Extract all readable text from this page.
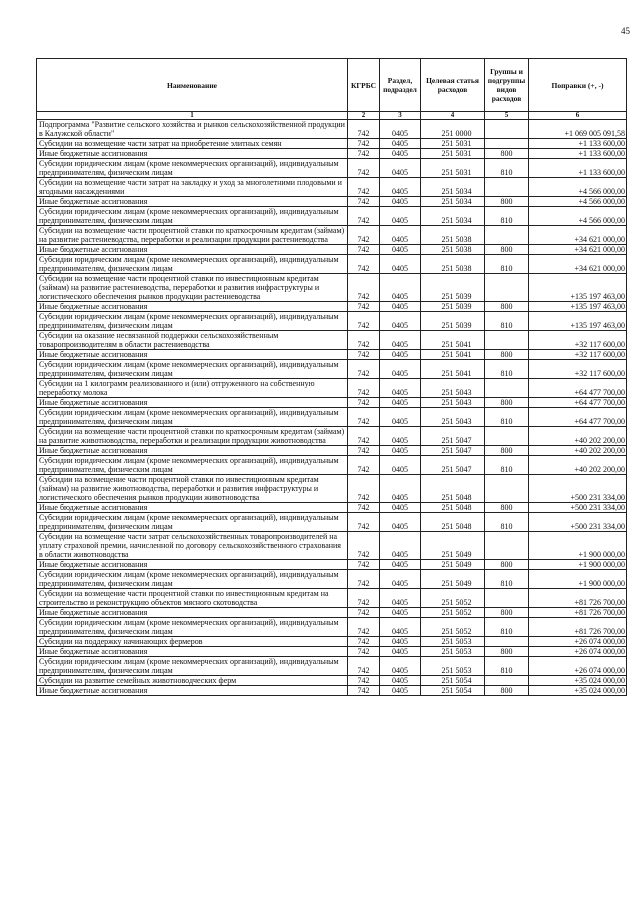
45
Наименование	КГРБС	Раздел, подраздел	Целевая статья расходов	Группы и подгруппы видов расходов	Поправки (+, -)
1	2	3	4	5	6
Подпрограмма "Развитие сельского хозяйства и рынков сельскохозяйственной продукции в Калужской области"	742	0405	251 0000		+1 069 005 091,58
Субсидии на возмещение части затрат на приобретение элитных семян	742	0405	251 5031		+1 133 600,00
Иные бюджетные ассигнования	742	0405	251 5031	800	+1 133 600,00
Субсидии юридическим лицам (кроме некоммерческих организаций), индивидуальным предпринимателям, физическим лицам	742	0405	251 5031	810	+1 133 600,00
Субсидии на возмещение части затрат на закладку и уход за многолетними плодовыми и ягодными насаждениями	742	0405	251 5034		+4 566 000,00
Иные бюджетные ассигнования	742	0405	251 5034	800	+4 566 000,00
Субсидии юридическим лицам (кроме некоммерческих организаций), индивидуальным предпринимателям, физическим лицам	742	0405	251 5034	810	+4 566 000,00
Субсидии на возмещение части процентной ставки по краткосрочным кредитам (займам) на развитие растениеводства, переработки и реализации продукции растениеводства	742	0405	251 5038		+34 621 000,00
Иные бюджетные ассигнования	742	0405	251 5038	800	+34 621 000,00
Субсидии юридическим лицам (кроме некоммерческих организаций), индивидуальным предпринимателям, физическим лицам	742	0405	251 5038	810	+34 621 000,00
Субсидии на возмещение части процентной ставки по инвестиционным кредитам (займам) на развитие растениеводства, переработки и развития инфраструктуры и логистического обеспечения рынков продукции растениеводства	742	0405	251 5039		+135 197 463,00
Иные бюджетные ассигнования	742	0405	251 5039	800	+135 197 463,00
Субсидии юридическим лицам (кроме некоммерческих организаций), индивидуальным предпринимателям, физическим лицам	742	0405	251 5039	810	+135 197 463,00
Субсидии на оказание несвязанной поддержки сельскохозяйственным товаропроизводителям в области растениеводства	742	0405	251 5041		+32 117 600,00
Иные бюджетные ассигнования	742	0405	251 5041	800	+32 117 600,00
Субсидии юридическим лицам (кроме некоммерческих организаций), индивидуальным предпринимателям, физическим лицам	742	0405	251 5041	810	+32 117 600,00
Субсидии на 1 килограмм реализованного и (или) отгруженного на собственную переработку молока	742	0405	251 5043		+64 477 700,00
Иные бюджетные ассигнования	742	0405	251 5043	800	+64 477 700,00
Субсидии юридическим лицам (кроме некоммерческих организаций), индивидуальным предпринимателям, физическим лицам	742	0405	251 5043	810	+64 477 700,00
Субсидии на возмещение части процентной ставки по краткосрочным кредитам (займам) на развитие животноводства, переработки и реализации продукции животноводства	742	0405	251 5047		+40 202 200,00
Иные бюджетные ассигнования	742	0405	251 5047	800	+40 202 200,00
Субсидии юридическим лицам (кроме некоммерческих организаций), индивидуальным предпринимателям, физическим лицам	742	0405	251 5047	810	+40 202 200,00
Субсидии на возмещение части процентной ставки по инвестиционным кредитам (займам) на развитие животноводства, переработки и развития инфраструктуры и логистического обеспечения рынков продукции животноводства	742	0405	251 5048		+500 231 334,00
Иные бюджетные ассигнования	742	0405	251 5048	800	+500 231 334,00
Субсидии юридическим лицам (кроме некоммерческих организаций), индивидуальным предпринимателям, физическим лицам	742	0405	251 5048	810	+500 231 334,00
Субсидии на возмещение части затрат сельскохозяйственных товаропроизводителей на уплату страховой премии, начисленной по договору сельскохозяйственного страхования в области животноводства	742	0405	251 5049		+1 900 000,00
Иные бюджетные ассигнования	742	0405	251 5049	800	+1 900 000,00
Субсидии юридическим лицам (кроме некоммерческих организаций), индивидуальным предпринимателям, физическим лицам	742	0405	251 5049	810	+1 900 000,00
Субсидии на возмещение части процентной ставки по инвестиционным кредитам на строительство и реконструкцию объектов мясного скотоводства	742	0405	251 5052		+81 726 700,00
Иные бюджетные ассигнования	742	0405	251 5052	800	+81 726 700,00
Субсидии юридическим лицам (кроме некоммерческих организаций), индивидуальным предпринимателям, физическим лицам	742	0405	251 5052	810	+81 726 700,00
Субсидии на поддержку начинающих фермеров	742	0405	251 5053		+26 074 000,00
Иные бюджетные ассигнования	742	0405	251 5053	800	+26 074 000,00
Субсидии юридическим лицам (кроме некоммерческих организаций), индивидуальным предпринимателям, физическим лицам	742	0405	251 5053	810	+26 074 000,00
Субсидии на развитие семейных животноводческих ферм	742	0405	251 5054		+35 024 000,00
Иные бюджетные ассигнования	742	0405	251 5054	800	+35 024 000,00
